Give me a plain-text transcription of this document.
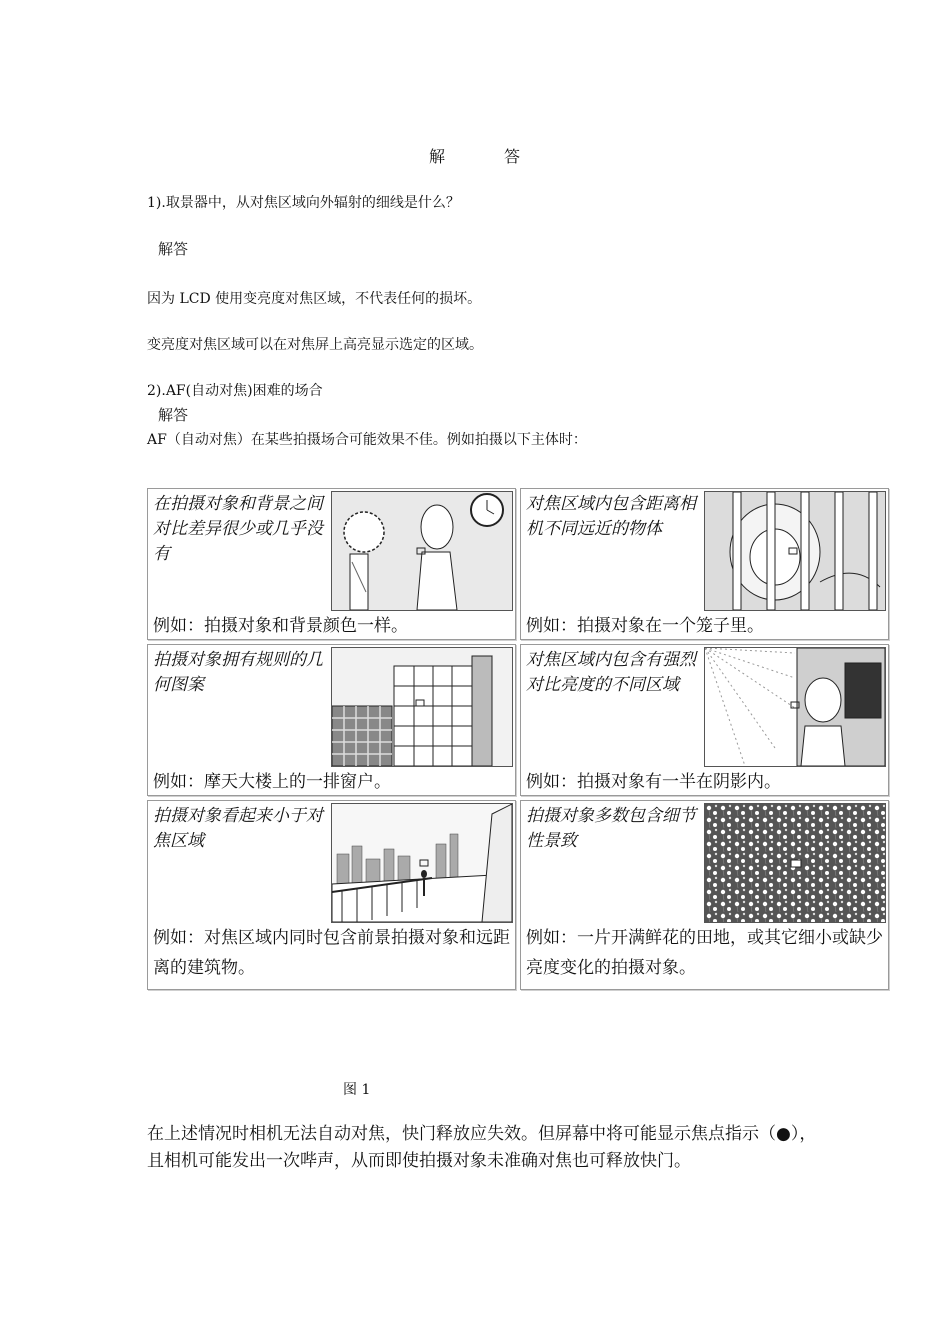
解	答
1).取景器中，从对焦区域向外辐射的细线是什么？
解答
因为 LCD 使用变亮度对焦区域，不代表任何的损坏。
变亮度对焦区域可以在对焦屏上高亮显示选定的区域。
2).AF(自动对焦)困难的场合
解答
AF（自动对焦）在某些拍摄场合可能效果不佳。例如拍摄以下主体时：
在拍摄对象和背景之间对比差异很少或几乎没有
例如：拍摄对象和背景颜色一样。
对焦区域内包含距离相机不同远近的物体
例如：拍摄对象在一个笼子里。
拍摄对象拥有规则的几何图案
例如：摩天大楼上的一排窗户。
对焦区域内包含有强烈对比亮度的不同区域
例如：拍摄对象有一半在阴影内。
拍摄对象看起来小于对焦区域
例如：对焦区域内同时包含前景拍摄对象和远距离的建筑物。
拍摄对象多数包含细节性景致
例如：一片开满鲜花的田地，或其它细小或缺少亮度变化的拍摄对象。
图 1
在上述情况时相机无法自动对焦，快门释放应失效。但屏幕中将可能显示焦点指示（●），且相机可能发出一次哔声，从而即使拍摄对象未准确对焦也可释放快门。
